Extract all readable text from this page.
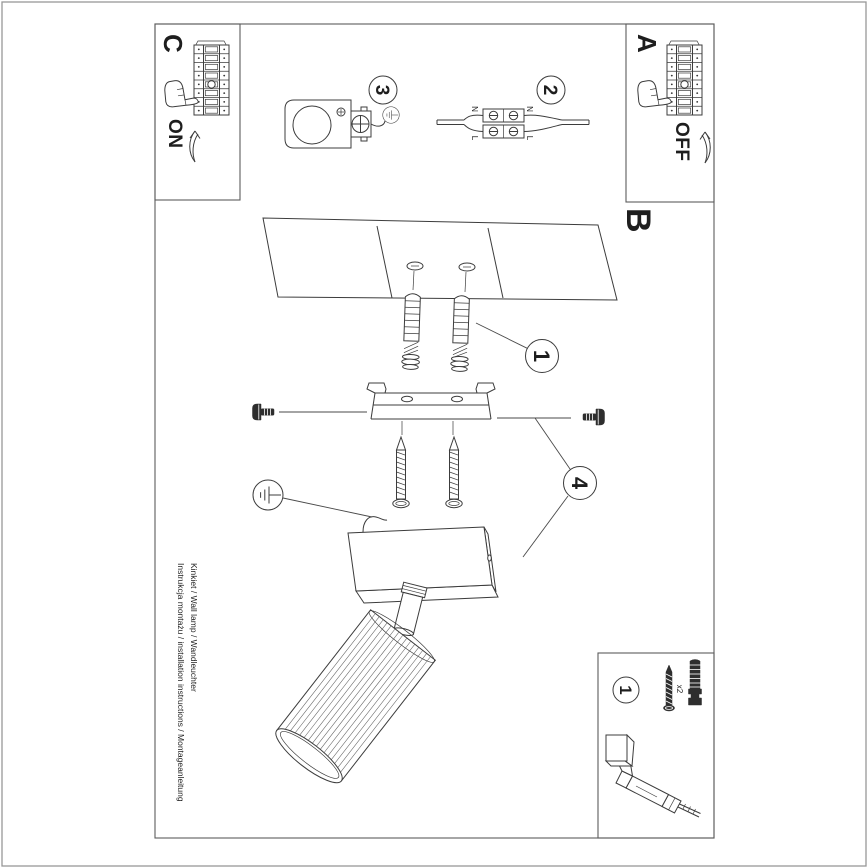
A
OFF
C
ON
B
2
N
L
N
L
3
1
4
1	x2
Kinkiet / Wall lamp / Wandleuchter
Instrukcja montażu / installation instructions / Montageanleitung
